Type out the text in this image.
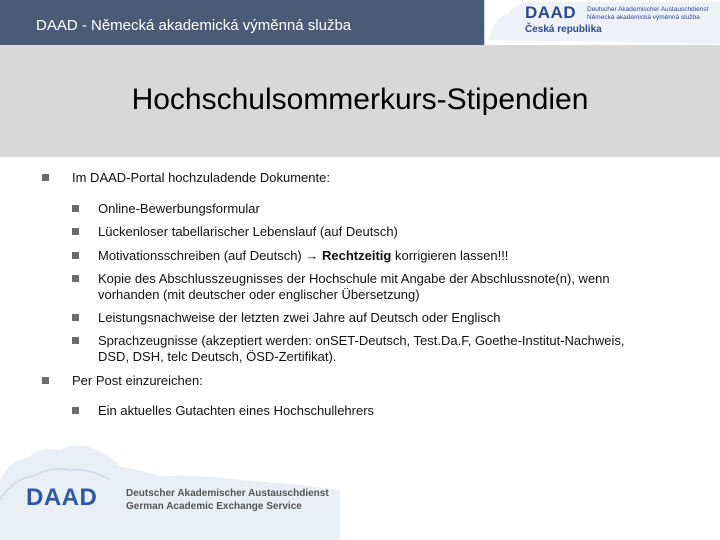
DAAD - Německá akademická výměnná služba
DAAD
Česká republika
Deutscher Akademischer Austauschdienst
Německá akademická výměnná služba
Hochschulsommerkurs-Stipendien
Im DAAD-Portal hochzuladende Dokumente:
Online-Bewerbungsformular
Lückenloser tabellarischer Lebenslauf (auf Deutsch)
Motivationsschreiben (auf Deutsch) → Rechtzeitig korrigieren lassen!!!
Kopie des Abschlusszeugnisses der Hochschule mit Angabe der Abschlussnote(n), wenn
vorhanden (mit deutscher oder englischer Übersetzung)
Leistungsnachweise der letzten zwei Jahre auf Deutsch oder Englisch
Sprachzeugnisse (akzeptiert werden: onSET-Deutsch, Test.Da.F, Goethe-Institut-Nachweis,
DSD, DSH, telc Deutsch, ÖSD-Zertifikat).
Per Post einzureichen:
Ein aktuelles Gutachten eines Hochschullehrers
DAAD	Deutscher Akademischer Austauschdienst
German Academic Exchange Service
